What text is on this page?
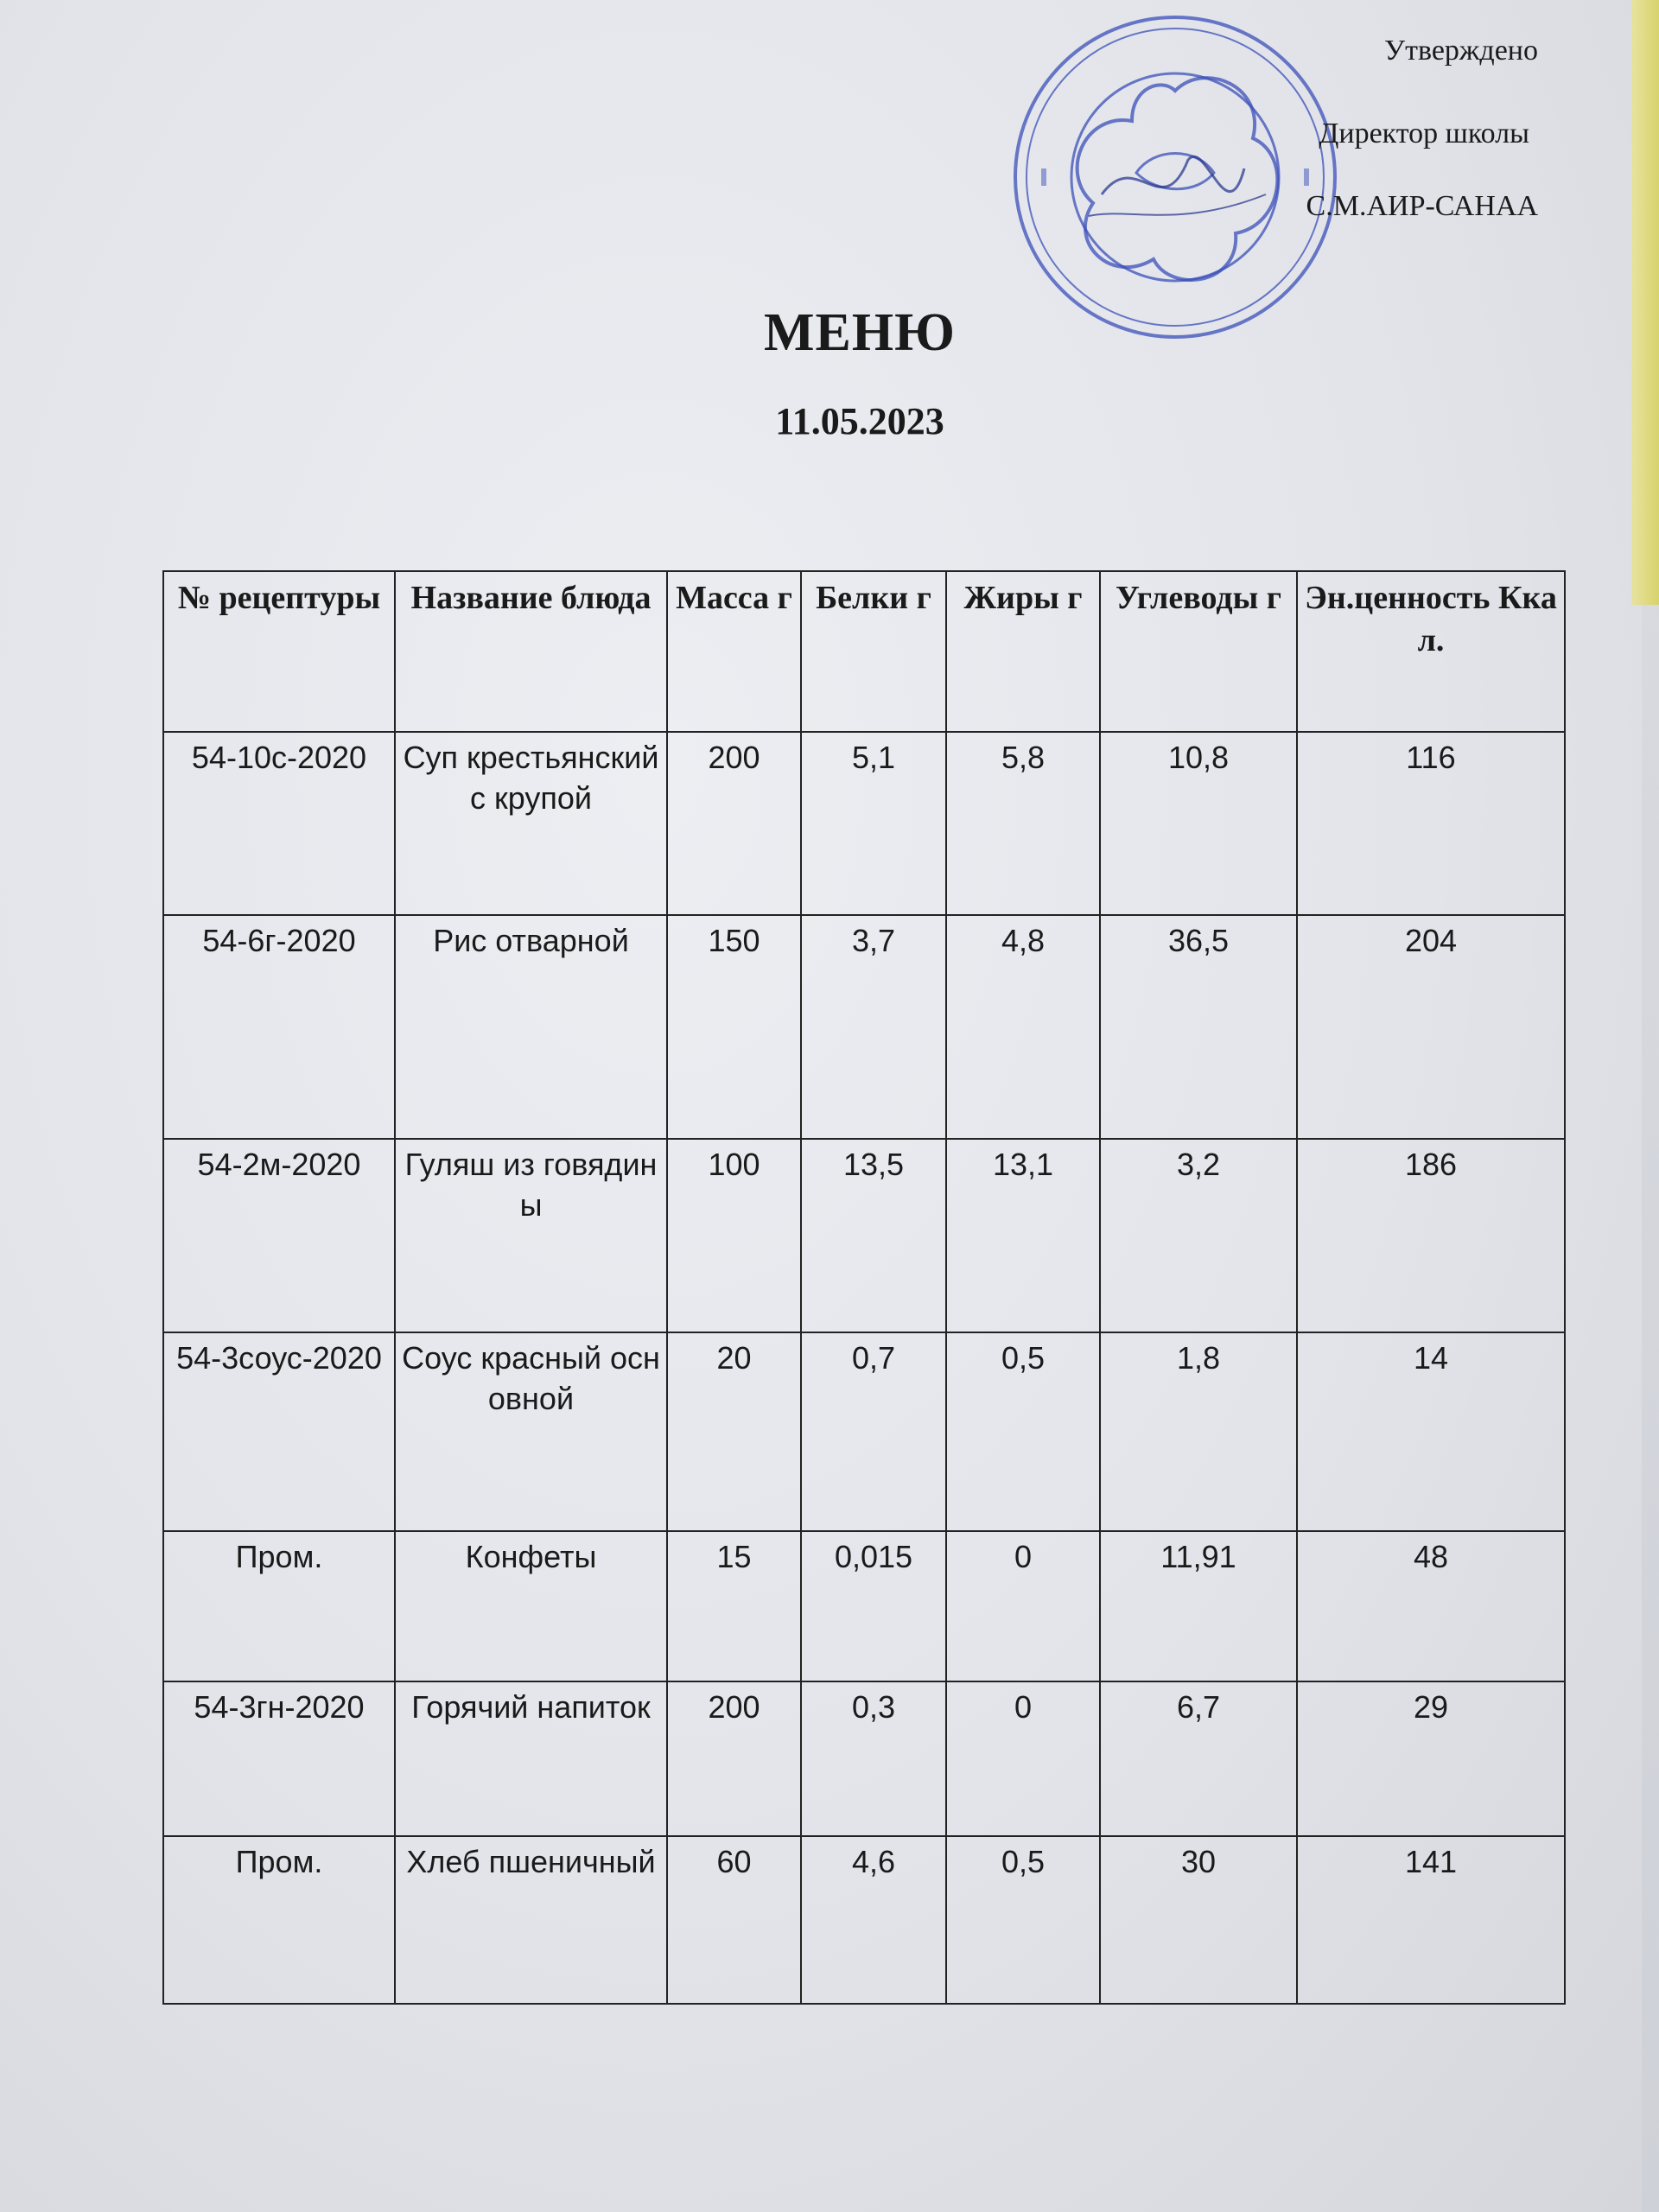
Утверждено
Директор школы
С.М.АИР-САНАА
МЕНЮ
11.05.2023
№ рецептуры	Название блюда	Масса г	Белки г	Жиры г	Углеводы г	Эн.ценность Ккал.
54-10с-2020	Суп крестьянский с крупой	200	5,1	5,8	10,8	116
54-6г-2020	Рис отварной	150	3,7	4,8	36,5	204
54-2м-2020	Гуляш из говядины	100	13,5	13,1	3,2	186
54-3соус-2020	Соус красный основной	20	0,7	0,5	1,8	14
Пром.	Конфеты	15	0,015	0	11,91	48
54-3гн-2020	Горячий напиток	200	0,3	0	6,7	29
Пром.	Хлеб пшеничный	60	4,6	0,5	30	141
